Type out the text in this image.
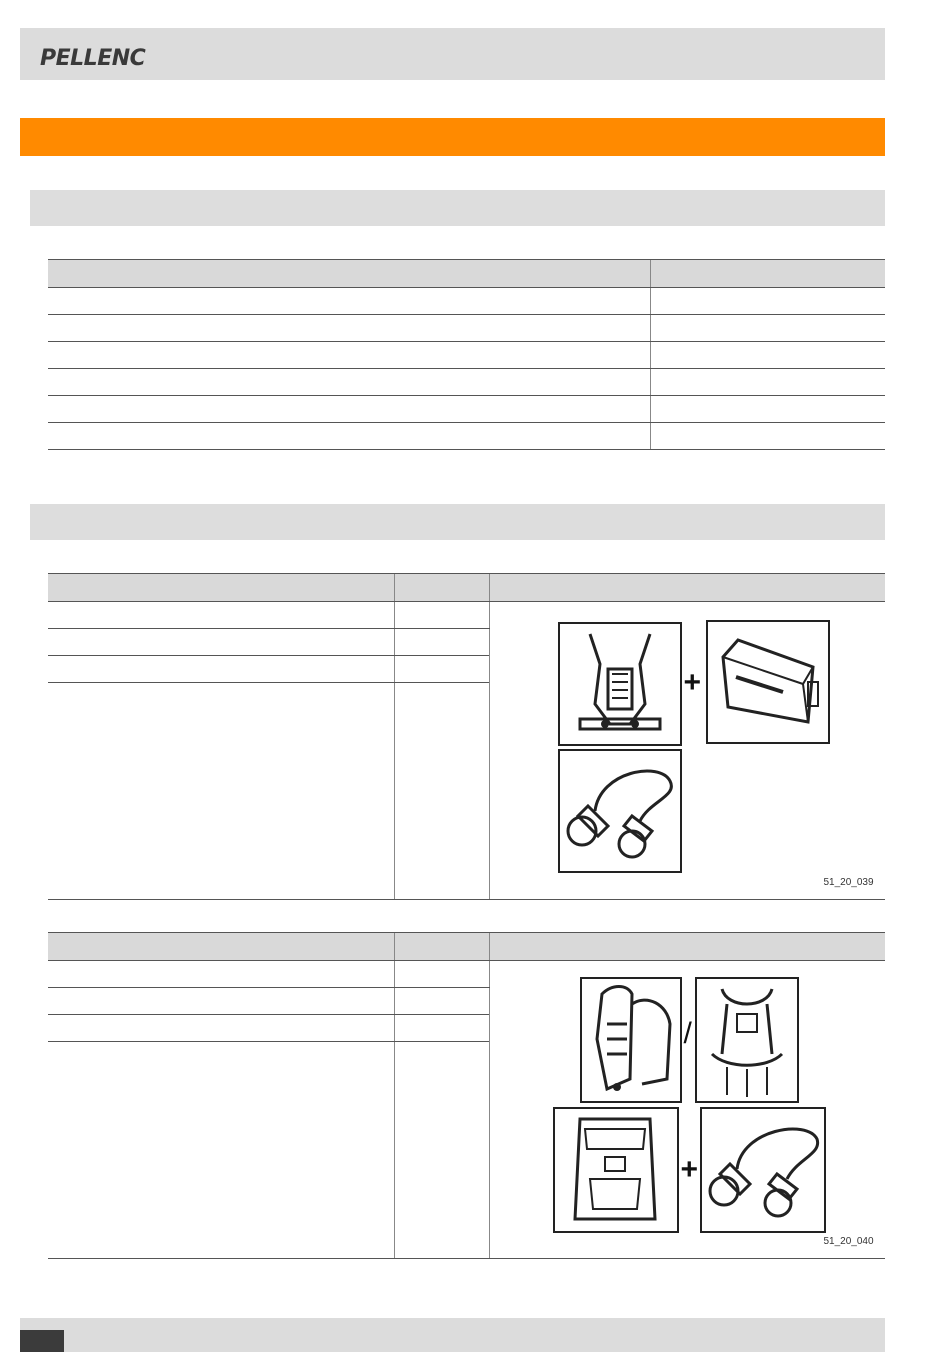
PELLENC

		+
51_20_039

		/
+
51_20_040
